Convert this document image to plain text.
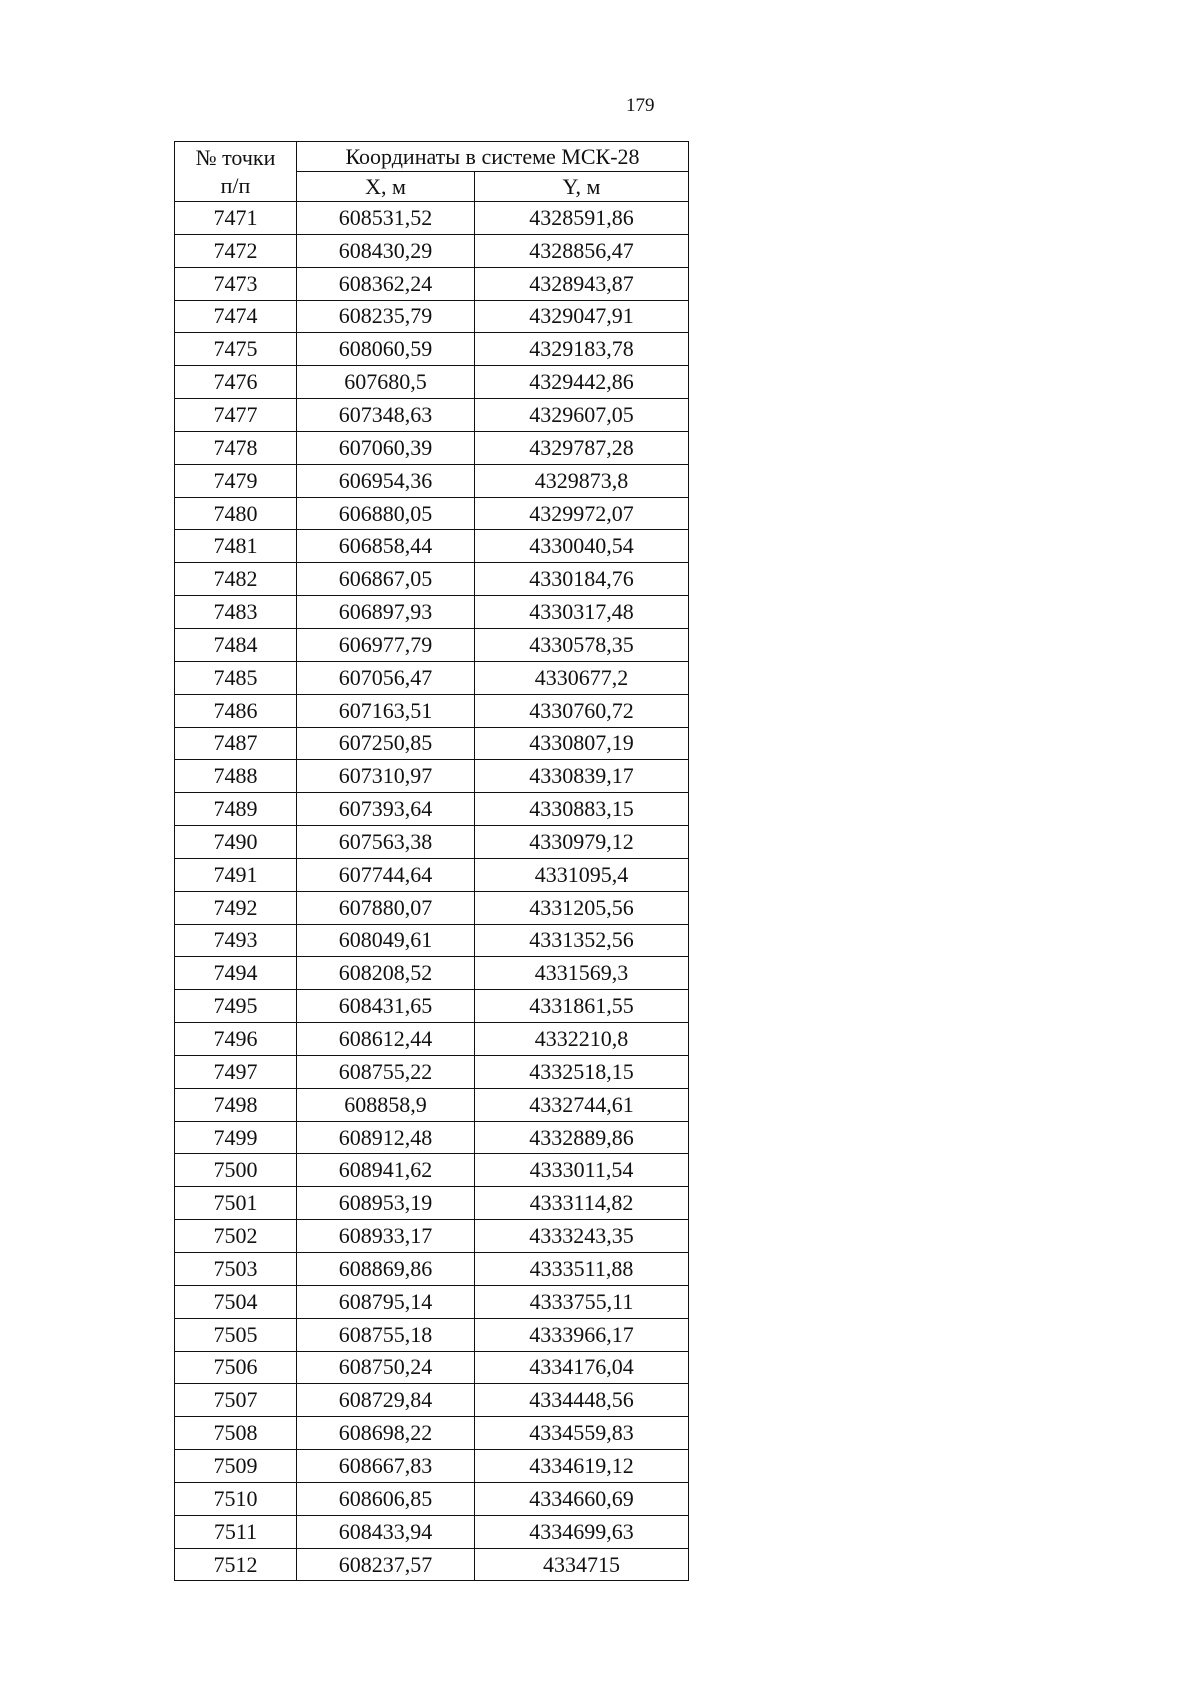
179
№ точки
п/п	Координаты в системе МСК-28	
	X, м	Y, м
7471	608531,52	4328591,86
7472	608430,29	4328856,47
7473	608362,24	4328943,87
7474	608235,79	4329047,91
7475	608060,59	4329183,78
7476	607680,5	4329442,86
7477	607348,63	4329607,05
7478	607060,39	4329787,28
7479	606954,36	4329873,8
7480	606880,05	4329972,07
7481	606858,44	4330040,54
7482	606867,05	4330184,76
7483	606897,93	4330317,48
7484	606977,79	4330578,35
7485	607056,47	4330677,2
7486	607163,51	4330760,72
7487	607250,85	4330807,19
7488	607310,97	4330839,17
7489	607393,64	4330883,15
7490	607563,38	4330979,12
7491	607744,64	4331095,4
7492	607880,07	4331205,56
7493	608049,61	4331352,56
7494	608208,52	4331569,3
7495	608431,65	4331861,55
7496	608612,44	4332210,8
7497	608755,22	4332518,15
7498	608858,9	4332744,61
7499	608912,48	4332889,86
7500	608941,62	4333011,54
7501	608953,19	4333114,82
7502	608933,17	4333243,35
7503	608869,86	4333511,88
7504	608795,14	4333755,11
7505	608755,18	4333966,17
7506	608750,24	4334176,04
7507	608729,84	4334448,56
7508	608698,22	4334559,83
7509	608667,83	4334619,12
7510	608606,85	4334660,69
7511	608433,94	4334699,63
7512	608237,57	4334715
